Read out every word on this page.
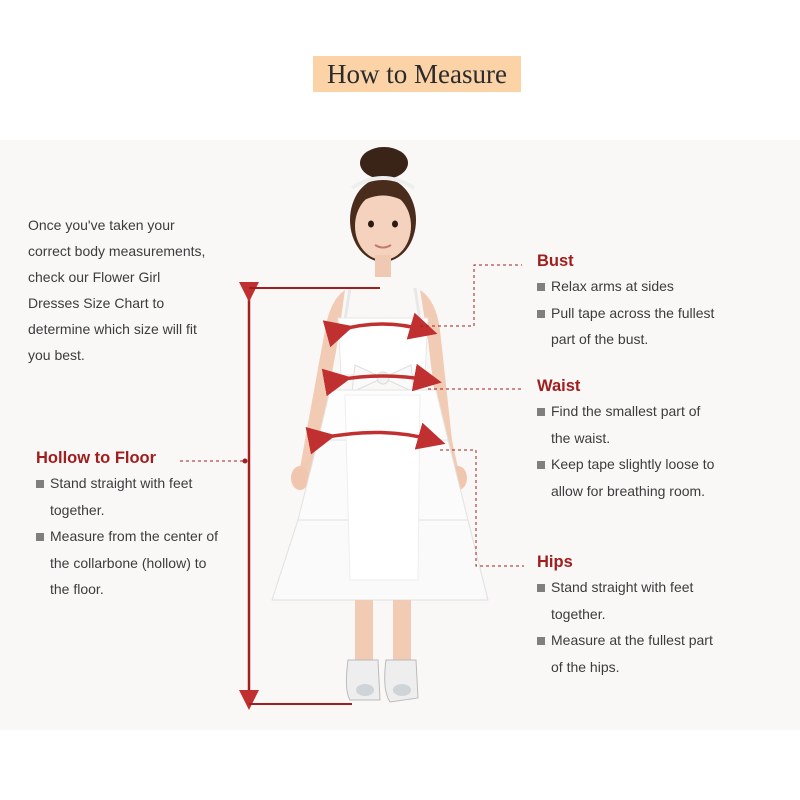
How to Measure
Once you've taken your
correct body measurements,
check our Flower Girl
Dresses Size Chart to
determine which size will fit
you best.
Bust
Relax arms at sides
Pull tape across the fullest
part of the bust.
Waist
Find the smallest part of
the waist.
Keep tape slightly loose to
allow for breathing room.
Hips
Stand straight with feet
together.
Measure at the fullest part
of the hips.
Hollow to Floor
Stand straight with feet
together.
Measure from the center of
the collarbone (hollow) to
the floor.
